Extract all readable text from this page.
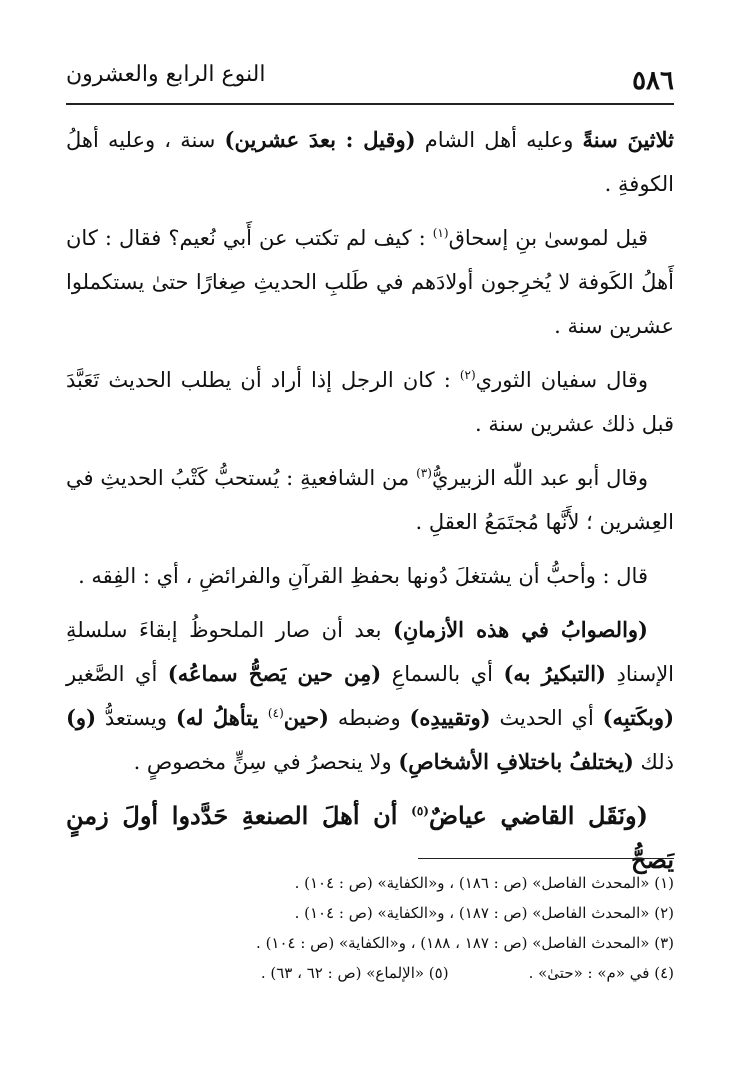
٥٨٦
النوع الرابع والعشرون

ثلاثينَ سنةً وعليه أهل الشام (وقيل : بعدَ عشرين) سنة ، وعليه أهلُ الكوفةِ .

قيل لموسىٰ بنِ إسحاق$^{(١)}$ : كيف لم تكتب عن أَبي نُعيم؟ فقال : كان أَهلُ الكَوفة لا يُخرِجون أولادَهم في طَلبِ الحديثِ صِغارًا حتىٰ يستكملوا عشرين سنة .

وقال سفيان الثوري$^{(٢)}$ : كان الرجل إذا أراد أن يطلب الحديث تَعَبَّدَ قبل ذلك عشرين سنة .

وقال أبو عبد اللّٰه الزبيريُّ$^{(٣)}$ من الشافعيةِ : يُستحبُّ كَتْبُ الحديثِ في العِشرين ؛ لأَنَّها مُجتَمَعُ العقلِ .

قال : وأحبُّ أن يشتغلَ دُونها بحفظِ القرآنِ والفرائضِ ، أي : الفِقه .

(والصوابُ في هذه الأزمانِ) بعد أن صار الملحوظُ إبقاءَ سلسلةِ الإسنادِ (التبكيرُ به) أي بالسماعِ (مِن حين يَصحُّ سماعُه) أي الصَّغير (وبكَتبِه) أي الحديث (وتقييدِه) وضبطه (حين$^{(٤)}$ يتأهلُ له) ويستعدُّ (و) ذلك (يختلفُ باختلافِ الأشخاصِ) ولا ينحصرُ في سِنٍّ مخصوصٍ .

(ونَقَل القاضي عياضٌ$^{(٥)}$ أن أهلَ الصنعةِ حَدَّدوا أولَ زمنٍ يَصحُّ

(١) «المحدث الفاصل» (ص : ١٨٦) ، و«الكفاية» (ص : ١٠٤) .
(٢) «المحدث الفاصل» (ص : ١٨٧) ، و«الكفاية» (ص : ١٠٤) .
(٣) «المحدث الفاصل» (ص : ١٨٧ ، ١٨٨) ، و«الكفاية» (ص : ١٠٤) .
(٤) في «م» : «حتىٰ» .
(٥) «الإلماع» (ص : ٦٢ ، ٦٣) .
